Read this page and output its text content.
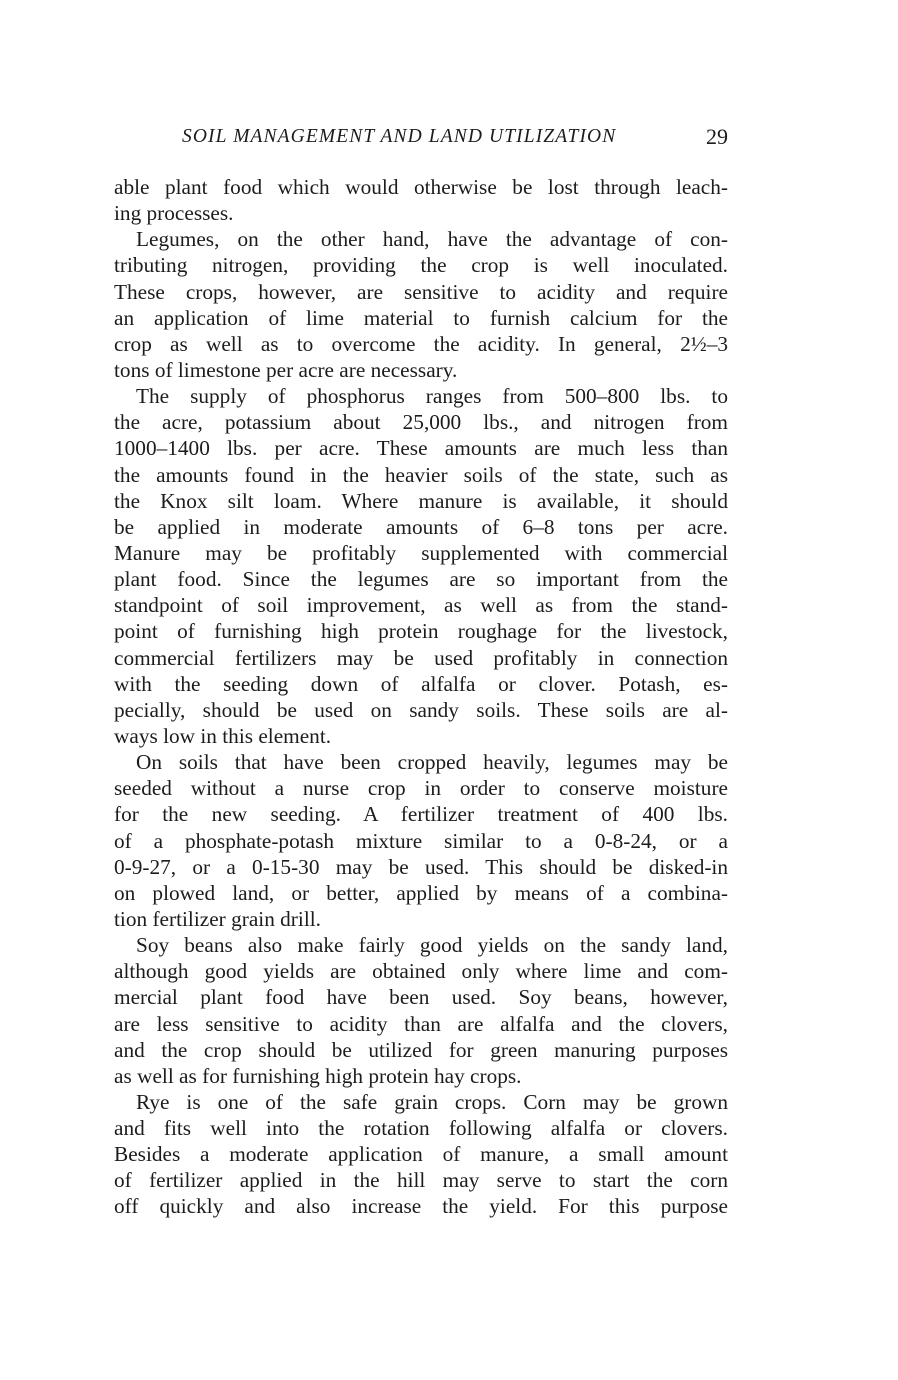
SOIL MANAGEMENT AND LAND UTILIZATION	29
able plant food which would otherwise be lost through leach-
ing processes.
Legumes, on the other hand, have the advantage of con-
tributing nitrogen, providing the crop is well inoculated.
These crops, however, are sensitive to acidity and require
an application of lime material to furnish calcium for the
crop as well as to overcome the acidity. In general, 2½–3
tons of limestone per acre are necessary.
The supply of phosphorus ranges from 500–800 lbs. to
the acre, potassium about 25,000 lbs., and nitrogen from
1000–1400 lbs. per acre. These amounts are much less than
the amounts found in the heavier soils of the state, such as
the Knox silt loam. Where manure is available, it should
be applied in moderate amounts of 6–8 tons per acre.
Manure may be profitably supplemented with commercial
plant food. Since the legumes are so important from the
standpoint of soil improvement, as well as from the stand-
point of furnishing high protein roughage for the livestock,
commercial fertilizers may be used profitably in connection
with the seeding down of alfalfa or clover. Potash, es-
pecially, should be used on sandy soils. These soils are al-
ways low in this element.
On soils that have been cropped heavily, legumes may be
seeded without a nurse crop in order to conserve moisture
for the new seeding. A fertilizer treatment of 400 lbs.
of a phosphate-potash mixture similar to a 0-8-24, or a
0-9-27, or a 0-15-30 may be used. This should be disked-in
on plowed land, or better, applied by means of a combina-
tion fertilizer grain drill.
Soy beans also make fairly good yields on the sandy land,
although good yields are obtained only where lime and com-
mercial plant food have been used. Soy beans, however,
are less sensitive to acidity than are alfalfa and the clovers,
and the crop should be utilized for green manuring purposes
as well as for furnishing high protein hay crops.
Rye is one of the safe grain crops. Corn may be grown
and fits well into the rotation following alfalfa or clovers.
Besides a moderate application of manure, a small amount
of fertilizer applied in the hill may serve to start the corn
off quickly and also increase the yield. For this purpose
